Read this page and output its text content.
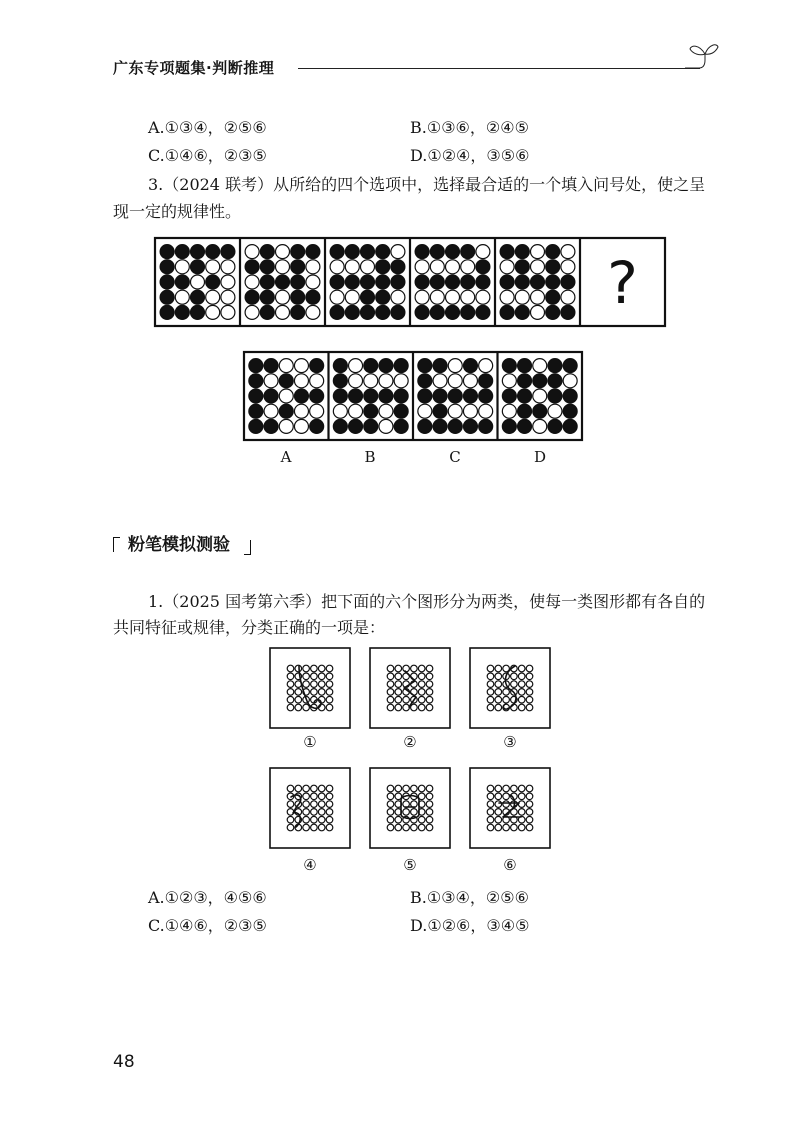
广东专项题集·判断推理
A.①③④，②⑤⑥	B.①③⑥，②④⑤
C.①④⑥，②③⑤	D.①②④，③⑤⑥
3.（2024 联考）从所给的四个选项中，选择最合适的一个填入问号处，使之呈
现一定的规律性。
?
A	B	C	D
粉笔模拟测验
1.（2025 国考第六季）把下面的六个图形分为两类，使每一类图形都有各自的
共同特征或规律，分类正确的一项是：
①	②	③
④	⑤	⑥
A.①②③，④⑤⑥	B.①③④，②⑤⑥
C.①④⑥，②③⑤	D.①②⑥，③④⑤
48
